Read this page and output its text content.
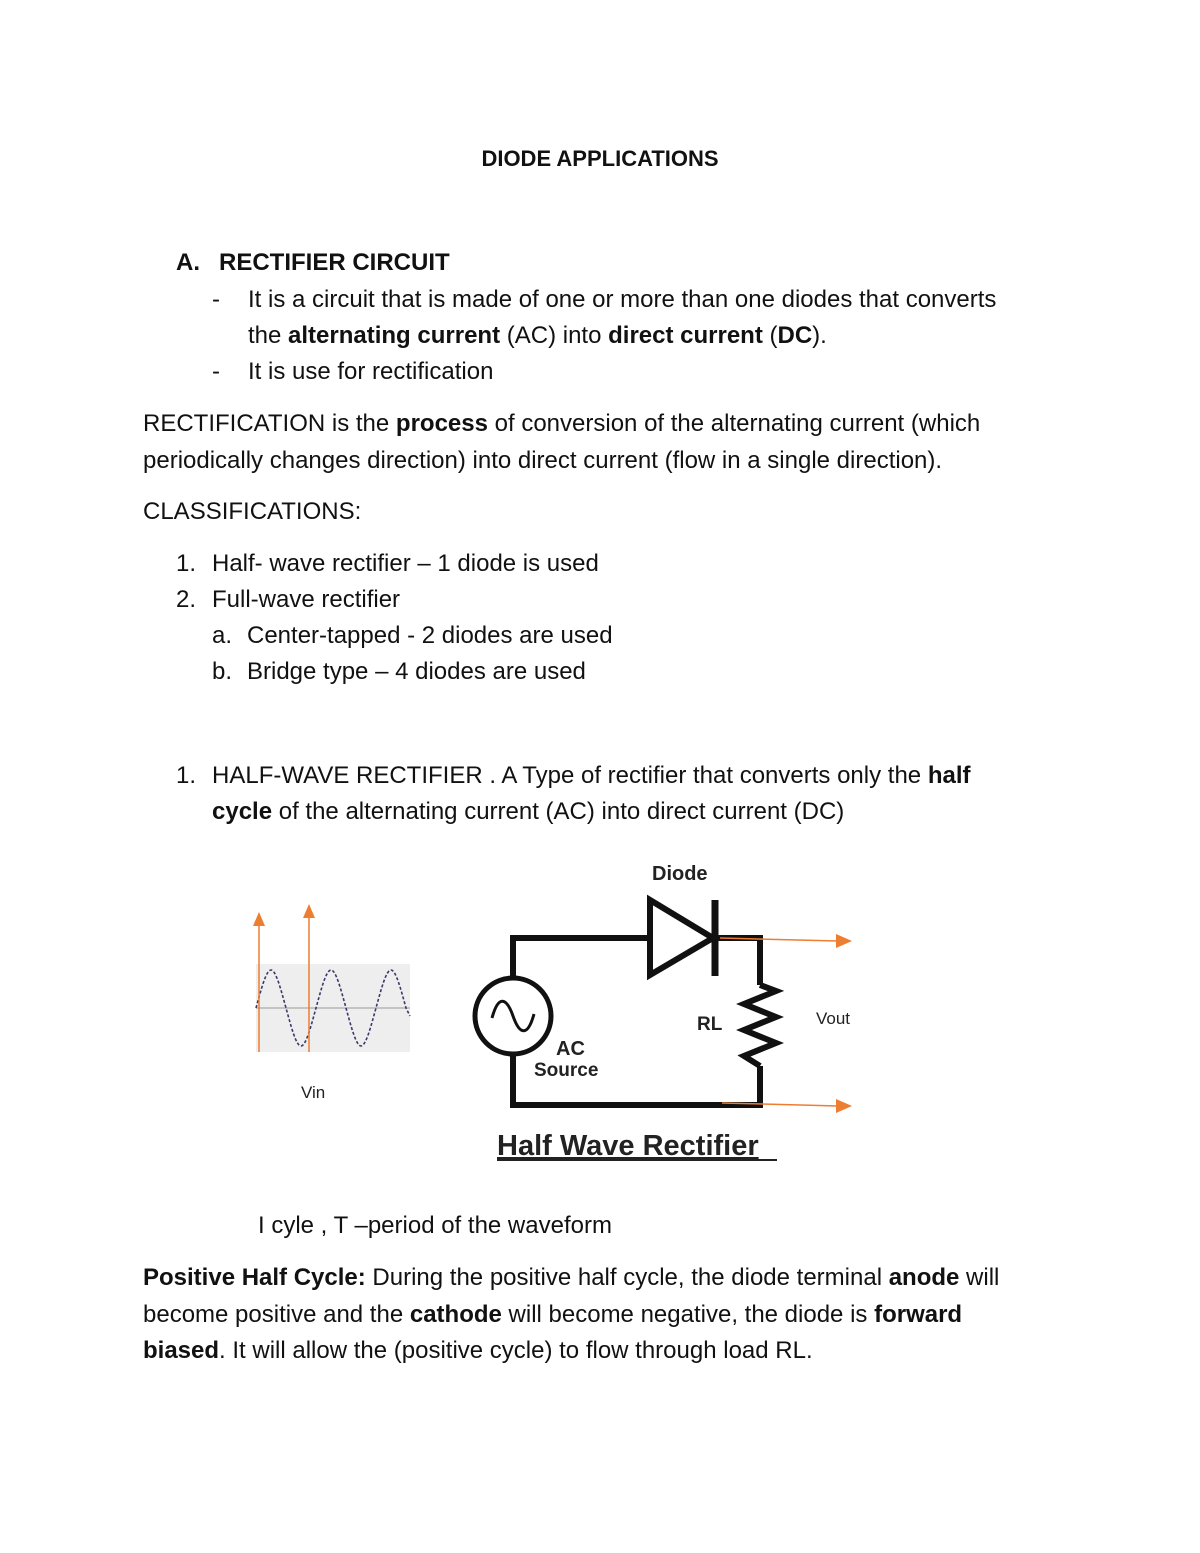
DIODE APPLICATIONS
A. RECTIFIER CIRCUIT
- It is a circuit that is made of one or more than one diodes that converts
the alternating current (AC) into direct current (DC).
- It is use for rectification
RECTIFICATION is the process of conversion of the alternating current (which
periodically changes direction) into direct current (flow in a single direction).
CLASSIFICATIONS:
1. Half- wave rectifier – 1 diode is used
2. Full-wave rectifier
a. Center-tapped - 2 diodes are used
b. Bridge type – 4 diodes are used
1. HALF-WAVE RECTIFIER . A Type of rectifier that converts only the half
cycle of the alternating current (AC) into direct current (DC)
Diode
RL
AC
Source
Vout
Vin
Half Wave Rectifier
I cyle , T –period of the waveform
Positive Half Cycle: During the positive half cycle, the diode terminal anode will
become positive and the cathode will become negative, the diode is forward
biased. It will allow the (positive cycle) to flow through load RL.
